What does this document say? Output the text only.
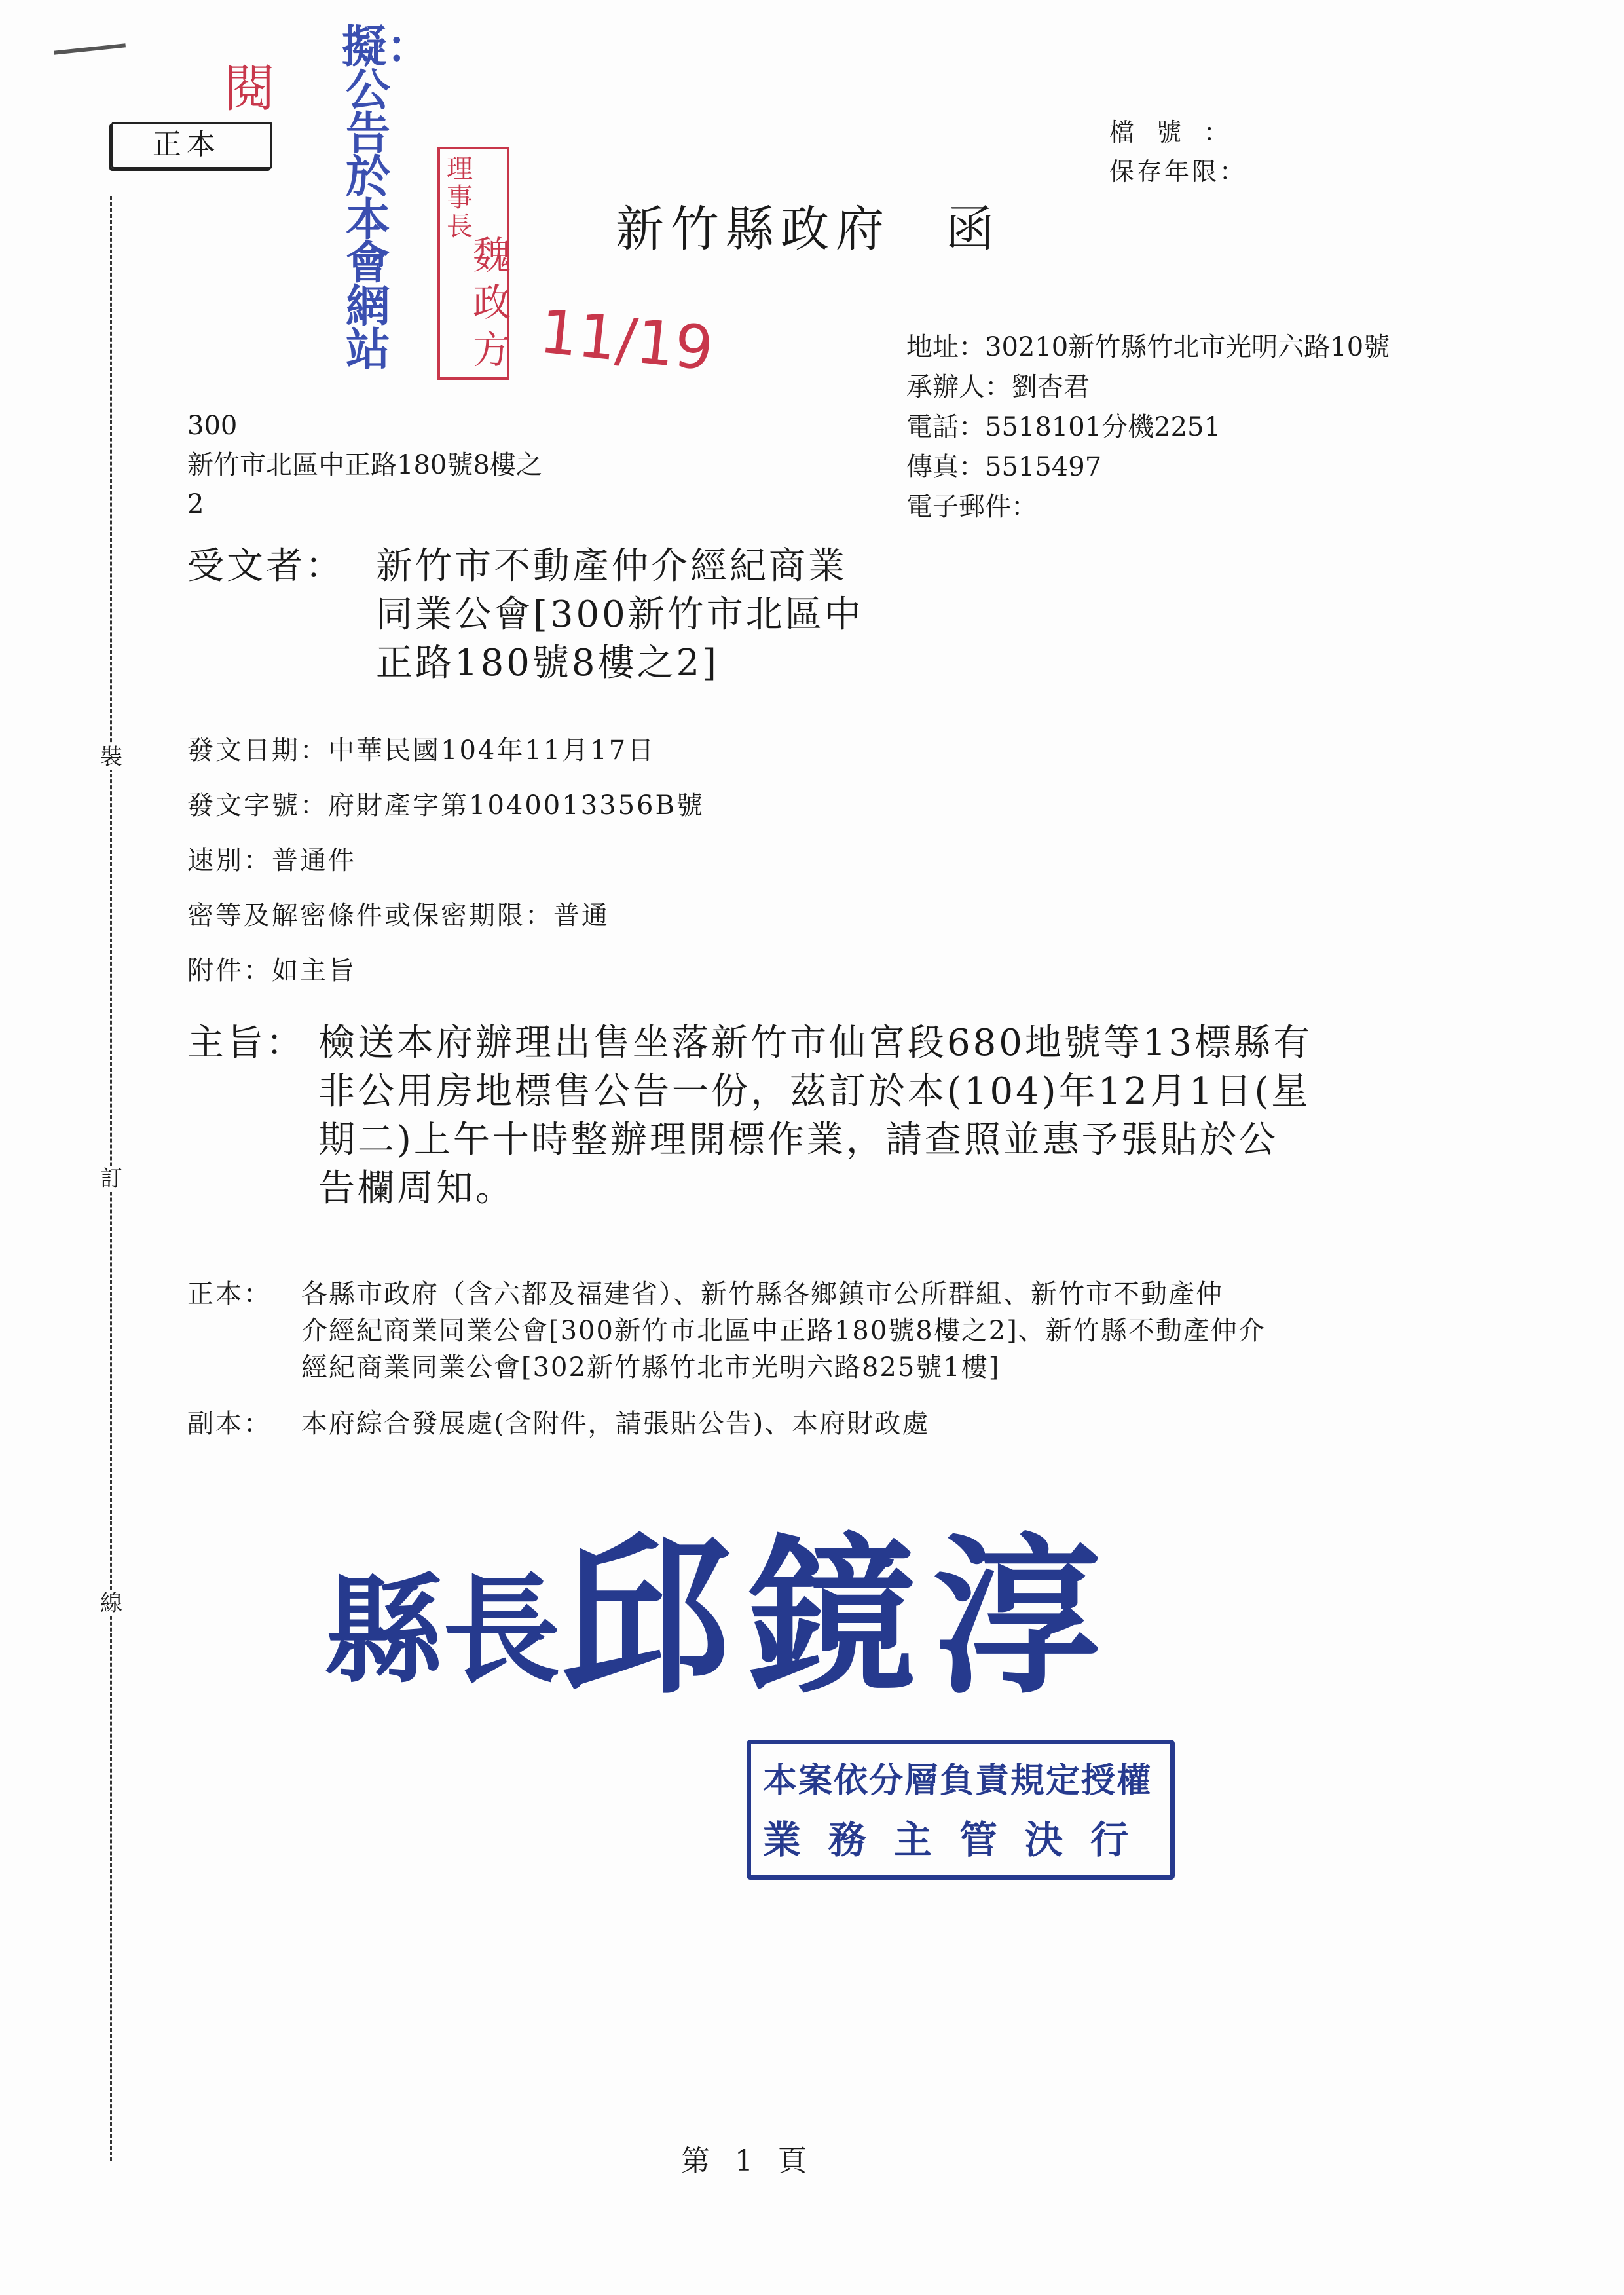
正本
裝
訂
線
閱
理事長
魏政方 11/19
擬：公告於本會網站
檔號：
保存年限：
新竹縣政府　函
地址：30210新竹縣竹北市光明六路10號
承辦人：劉杏君
電話：5518101分機2251
傳真：5515497
電子郵件：
300
新竹市北區中正路180號8樓之
2
受文者： 新竹市不動產仲介經紀商業
同業公會[300新竹市北區中
正路180號8樓之2]
發文日期：中華民國104年11月17日
發文字號：府財產字第1040013356B號
速別：普通件
密等及解密條件或保密期限：普通
附件：如主旨
主旨： 檢送本府辦理出售坐落新竹市仙宮段680地號等13標縣有
非公用房地標售公告一份，茲訂於本(104)年12月1日(星
期二)上午十時整辦理開標作業，請查照並惠予張貼於公
告欄周知。
正本： 各縣市政府（含六都及福建省）、新竹縣各鄉鎮市公所群組、新竹市不動產仲
介經紀商業同業公會[300新竹市北區中正路180號8樓之2]、新竹縣不動產仲介
經紀商業同業公會[302新竹縣竹北市光明六路825號1樓]
副本： 本府綜合發展處(含附件，請張貼公告)、本府財政處
縣長邱鏡淳
本案依分層負責規定授權
業務主管決行
第 1 頁
